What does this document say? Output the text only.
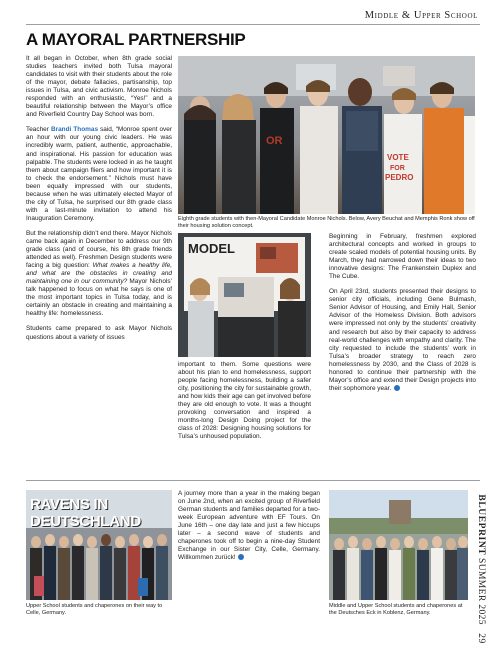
Middle & Upper School
A MAYORAL PARTNERSHIP

It all began in October, when 8th grade social studies teachers invited both Tulsa mayoral candidates to visit with their students about the role of the mayor, debate fallacies, partisanship, top issues in Tulsa, and civic activism. Monroe Nichols responded with an enthusiastic, “Yes!” and a beautiful relationship between the Mayor’s office and Riverfield Country Day School was born.

Teacher Brandi Thomas said, “Monroe spent over an hour with our young civic leaders. He was incredibly warm, patient, authentic, approachable, and inspirational. His passion for education was palpable. The students were locked in as he taught them about campaign fliers and how important it is to check the endorsement.” Nichols must have been equally impressed with our students, because when he was ultimately elected Mayor of the city of Tulsa, he surprised our 8th grade class with a last-minute invitation to attend his Inauguration Ceremony.

But the relationship didn’t end there. Mayor Nichols came back again in December to address our 9th grade class (and of course, his 8th grade friends attended as well). Freshmen Design students were facing a big question: What makes a healthy life, and what are the obstacles in creating and maintaining one in our community? Mayor Nichols’ talk happened to focus on what he says is one of the most important topics in Tulsa today, and is certainly an obstacle in creating and maintaining a healthy life: homelessness.

Students came prepared to ask Mayor Nichols questions about a variety of issues

OR
VOTE
FOR
PEDRO
Eighth grade students with then-Mayoral Candidate Monroe Nichols. Below, Avery Beuchat and Memphis Ronk show off their housing solution concept.
MODEL

important to them. Some questions were about his plan to end homelessness, support people facing homelessness, building a safer city, positioning the city for sustainable growth, and how kids their age can get involved before they are old enough to vote. It was a thought provoking conversation and inspired a months-long Design Doing project for the class of 2028: Designing housing solutions for Tulsa’s unhoused population.

Beginning in February, freshmen explored architectural concepts and worked in groups to create scaled models of potential housing units. By March, they had narrowed down their ideas to two innovative designs: The Frankenstein Duplex and The Cube.

On April 23rd, students presented their designs to senior city officials, including Gene Bulmash, Senior Advisor of Housing, and Emily Hall, Senior Advisor of the Homeless Division. Both advisors were impressed not only by the students’ creativity and research but also by their capacity to address real-world challenges with empathy and clarity. The city requested to include the students’ work in Tulsa’s broader strategy to reach zero homelessness by 2030, and the Class of 2028 is honored to continue their partnership with the Mayor’s office and extend their Design projects into their sophomore year.

RAVENS IN DEUTSCHLAND
Upper School students and chaperones on their way to Celle, Germany.

A journey more than a year in the making began on June 2nd, when an excited group of Riverfield German students and families departed for a two-week European adventure with EF Tours. On June 16th – one day late and just a few hiccups later – a second wave of students and chaperones took off to begin a nine-day Student Exchange in our Sister City, Celle, Germany. Willkommen zurück!

Middle and Upper School students and chaperones at the Deutsches Eck in Koblenz, Germany.
BLUEPRINT SUMMER 2025   29
